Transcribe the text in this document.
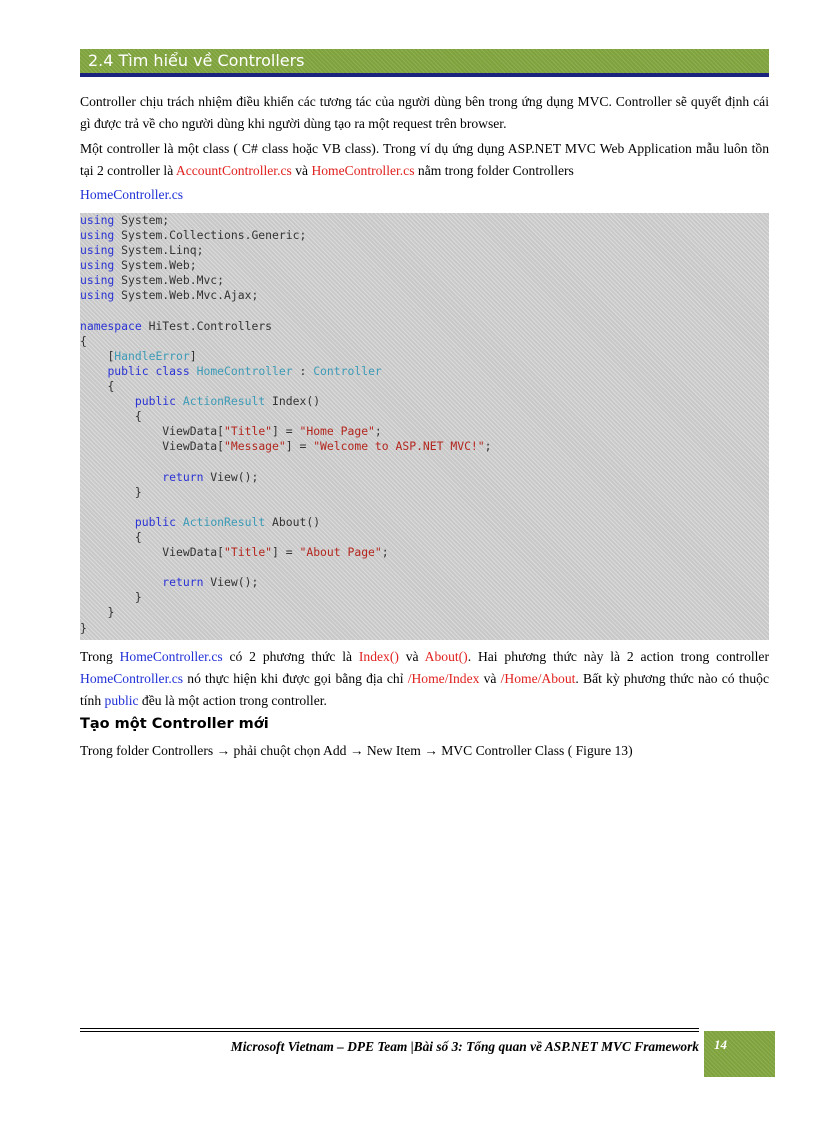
2.4 Tìm hiểu về Controllers

Controller chịu trách nhiệm điều khiển các tương tác của người dùng bên trong ứng dụng MVC. Controller sẽ quyết định cái gì được trả về cho người dùng khi người dùng tạo ra một request trên browser.

Một controller là một class ( C# class hoặc VB class). Trong ví dụ ứng dụng ASP.NET MVC Web Application mẫu luôn tồn tại 2 controller là AccountController.cs và HomeController.cs nằm trong folder Controllers

HomeController.cs
using System;
using System.Collections.Generic;
using System.Linq;
using System.Web;
using System.Web.Mvc;
using System.Web.Mvc.Ajax;

namespace HiTest.Controllers
{
[HandleError]
public class HomeController : Controller
{
public ActionResult Index()
{
ViewData["Title"] = "Home Page";
ViewData["Message"] = "Welcome to ASP.NET MVC!";

return View();
}

public ActionResult About()
{
ViewData["Title"] = "About Page";

return View();
}
}
}

Trong HomeController.cs có 2 phương thức là Index() và About(). Hai phương thức này là 2 action trong controller HomeController.cs nó thực hiện khi được gọi bằng địa chỉ /Home/Index và /Home/About. Bất kỳ phương thức nào có thuộc tính public đều là một action trong controller.

Tạo một Controller mới

Trong folder Controllers → phải chuột chọn Add → New Item → MVC Controller Class ( Figure 13)

Microsoft Vietnam – DPE Team |Bài số 3: Tổng quan về ASP.NET MVC Framework	14
